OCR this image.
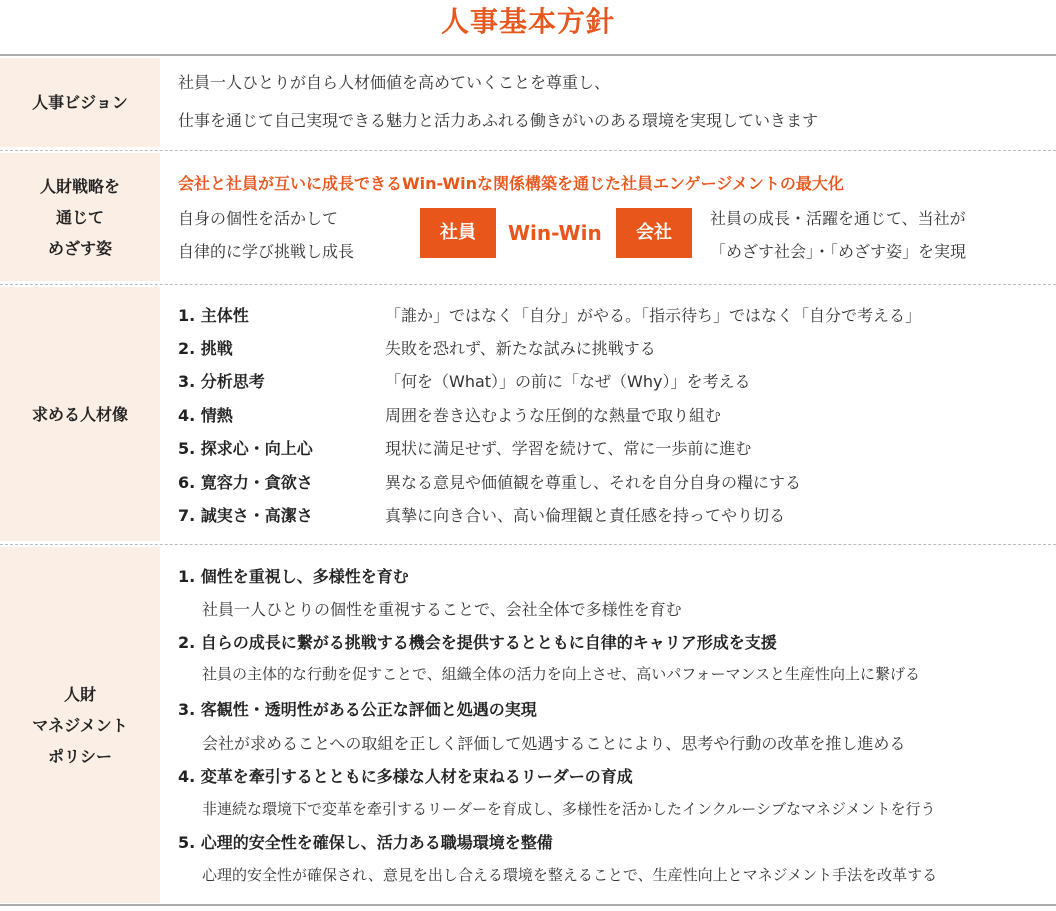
人事基本方針
人事ビジョン
社員一人ひとりが自ら人材価値を高めていくことを尊重し、
仕事を通じて自己実現できる魅力と活力あふれる働きがいのある環境を実現していきます
人財戦略を
通じて
めざす姿
会社と社員が互いに成長できるWin-Winな関係構築を通じた社員エンゲージメントの最大化
自身の個性を活かして
自律的に学び挑戦し成長
社員の成長・活躍を通じて、当社が
「めざす社会」・「めざす姿」を実現
社員	Win-Win	会社
求める人材像
1. 主体性	「誰か」ではなく「自分」がやる。「指示待ち」ではなく「自分で考える」
2. 挑戦	失敗を恐れず、新たな試みに挑戦する
3. 分析思考	「何を（What）」の前に「なぜ（Why）」を考える
4. 情熱	周囲を巻き込むような圧倒的な熱量で取り組む
5. 探求心・向上心	現状に満足せず、学習を続けて、常に一歩前に進む
6. 寛容力・貪欲さ	異なる意見や価値観を尊重し、それを自分自身の糧にする
7. 誠実さ・高潔さ	真摯に向き合い、高い倫理観と責任感を持ってやり切る
人財
マネジメント
ポリシー
1. 個性を重視し、多様性を育む
社員一人ひとりの個性を重視することで、会社全体で多様性を育む
2. 自らの成長に繋がる挑戦する機会を提供するとともに自律的キャリア形成を支援
社員の主体的な行動を促すことで、組織全体の活力を向上させ、高いパフォーマンスと生産性向上に繋げる
3. 客観性・透明性がある公正な評価と処遇の実現
会社が求めることへの取組を正しく評価して処遇することにより、思考や行動の改革を推し進める
4. 変革を牽引するとともに多様な人材を束ねるリーダーの育成
非連続な環境下で変革を牽引するリーダーを育成し、多様性を活かしたインクルーシブなマネジメントを行う
5. 心理的安全性を確保し、活力ある職場環境を整備
心理的安全性が確保され、意見を出し合える環境を整えることで、生産性向上とマネジメント手法を改革する
